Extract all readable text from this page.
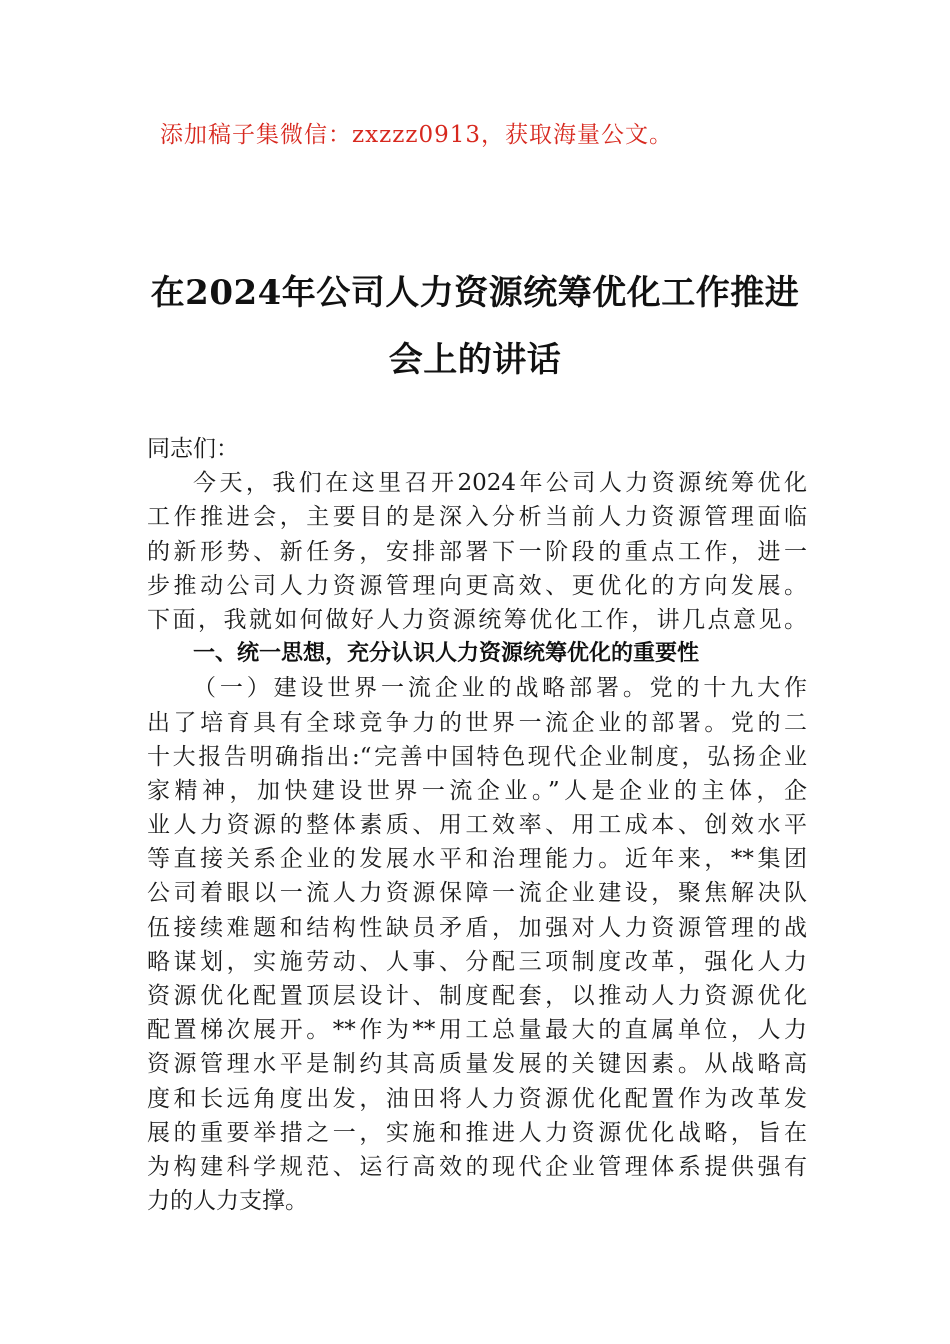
添加稿子集微信：zxzzz0913，获取海量公文。
在2024年公司人力资源统筹优化工作推进
会上的讲话
同志们：
今天，我们在这里召开2024年公司人力资源统筹优化
工作推进会，主要目的是深入分析当前人力资源管理面临
的新形势、新任务，安排部署下一阶段的重点工作，进一
步推动公司人力资源管理向更高效、更优化的方向发展。
下面，我就如何做好人力资源统筹优化工作，讲几点意见。
一、统一思想，充分认识人力资源统筹优化的重要性
（一）建设世界一流企业的战略部署。党的十九大作
出了培育具有全球竞争力的世界一流企业的部署。党的二
十大报告明确指出:“完善中国特色现代企业制度，弘扬企业
家精神，加快建设世界一流企业。”人是企业的主体，企
业人力资源的整体素质、用工效率、用工成本、创效水平
等直接关系企业的发展水平和治理能力。近年来，**集团
公司着眼以一流人力资源保障一流企业建设，聚焦解决队
伍接续难题和结构性缺员矛盾，加强对人力资源管理的战
略谋划，实施劳动、人事、分配三项制度改革，强化人力
资源优化配置顶层设计、制度配套，以推动人力资源优化
配置梯次展开。**作为**用工总量最大的直属单位，人力
资源管理水平是制约其高质量发展的关键因素。从战略高
度和长远角度出发，油田将人力资源优化配置作为改革发
展的重要举措之一，实施和推进人力资源优化战略，旨在
为构建科学规范、运行高效的现代企业管理体系提供强有
力的人力支撑。
